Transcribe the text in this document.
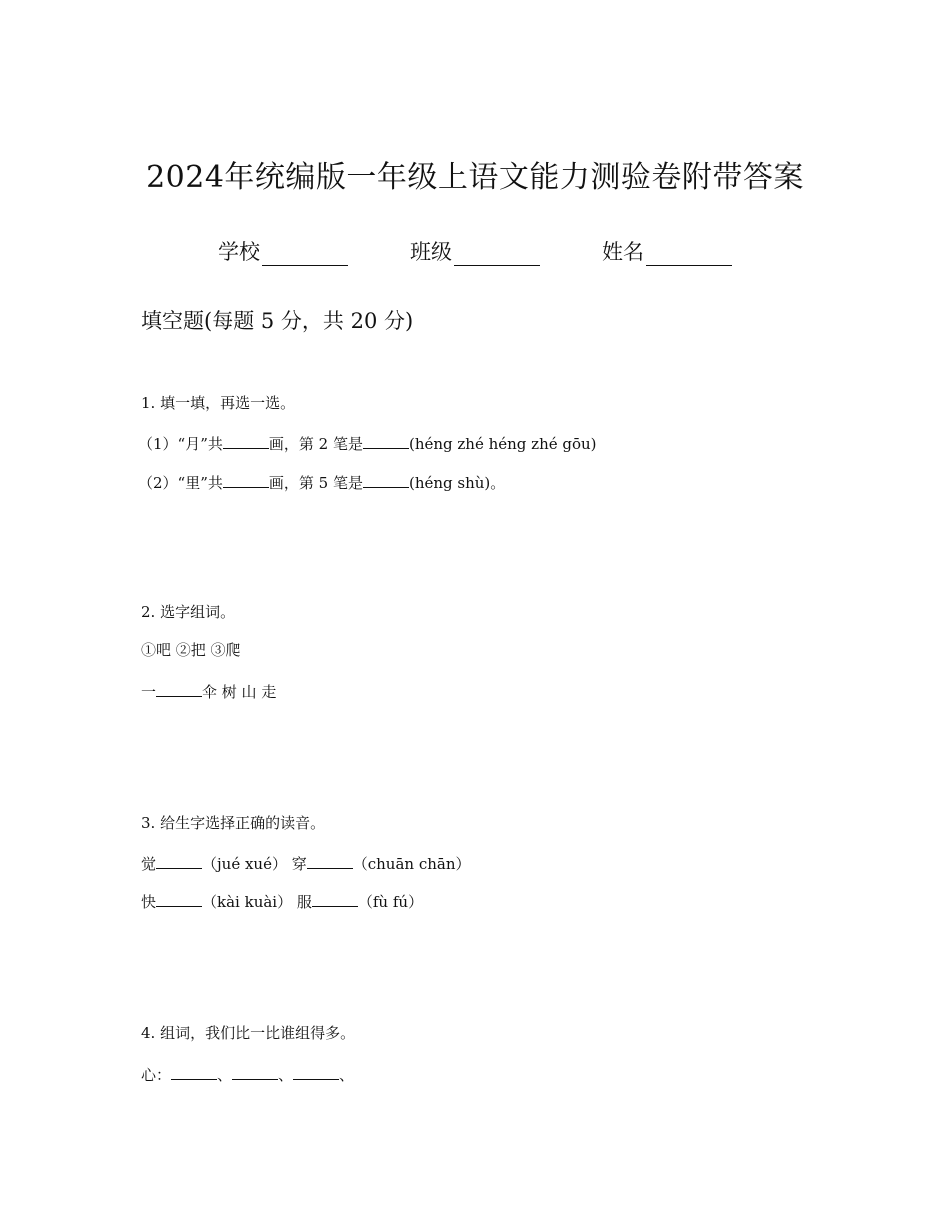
2024年统编版一年级上语文能力测验卷附带答案
学校	班级	姓名
填空题(每题 5 分，共 20 分)
1. 填一填，再选一选。
（1）“月”共	画，第 2 笔是	(héng zhé héng zhé gōu)
（2）“里”共	画，第 5 笔是	(héng shù)。
2. 选字组词。
①吧 ②把 ③爬
一	伞 树 山 走
3. 给生字选择正确的读音。
觉	（jué xué） 穿	（chuān chān）
快	（kài kuài） 服	（fù fú）
4. 组词，我们比一比谁组得多。
心：	、	、	、
